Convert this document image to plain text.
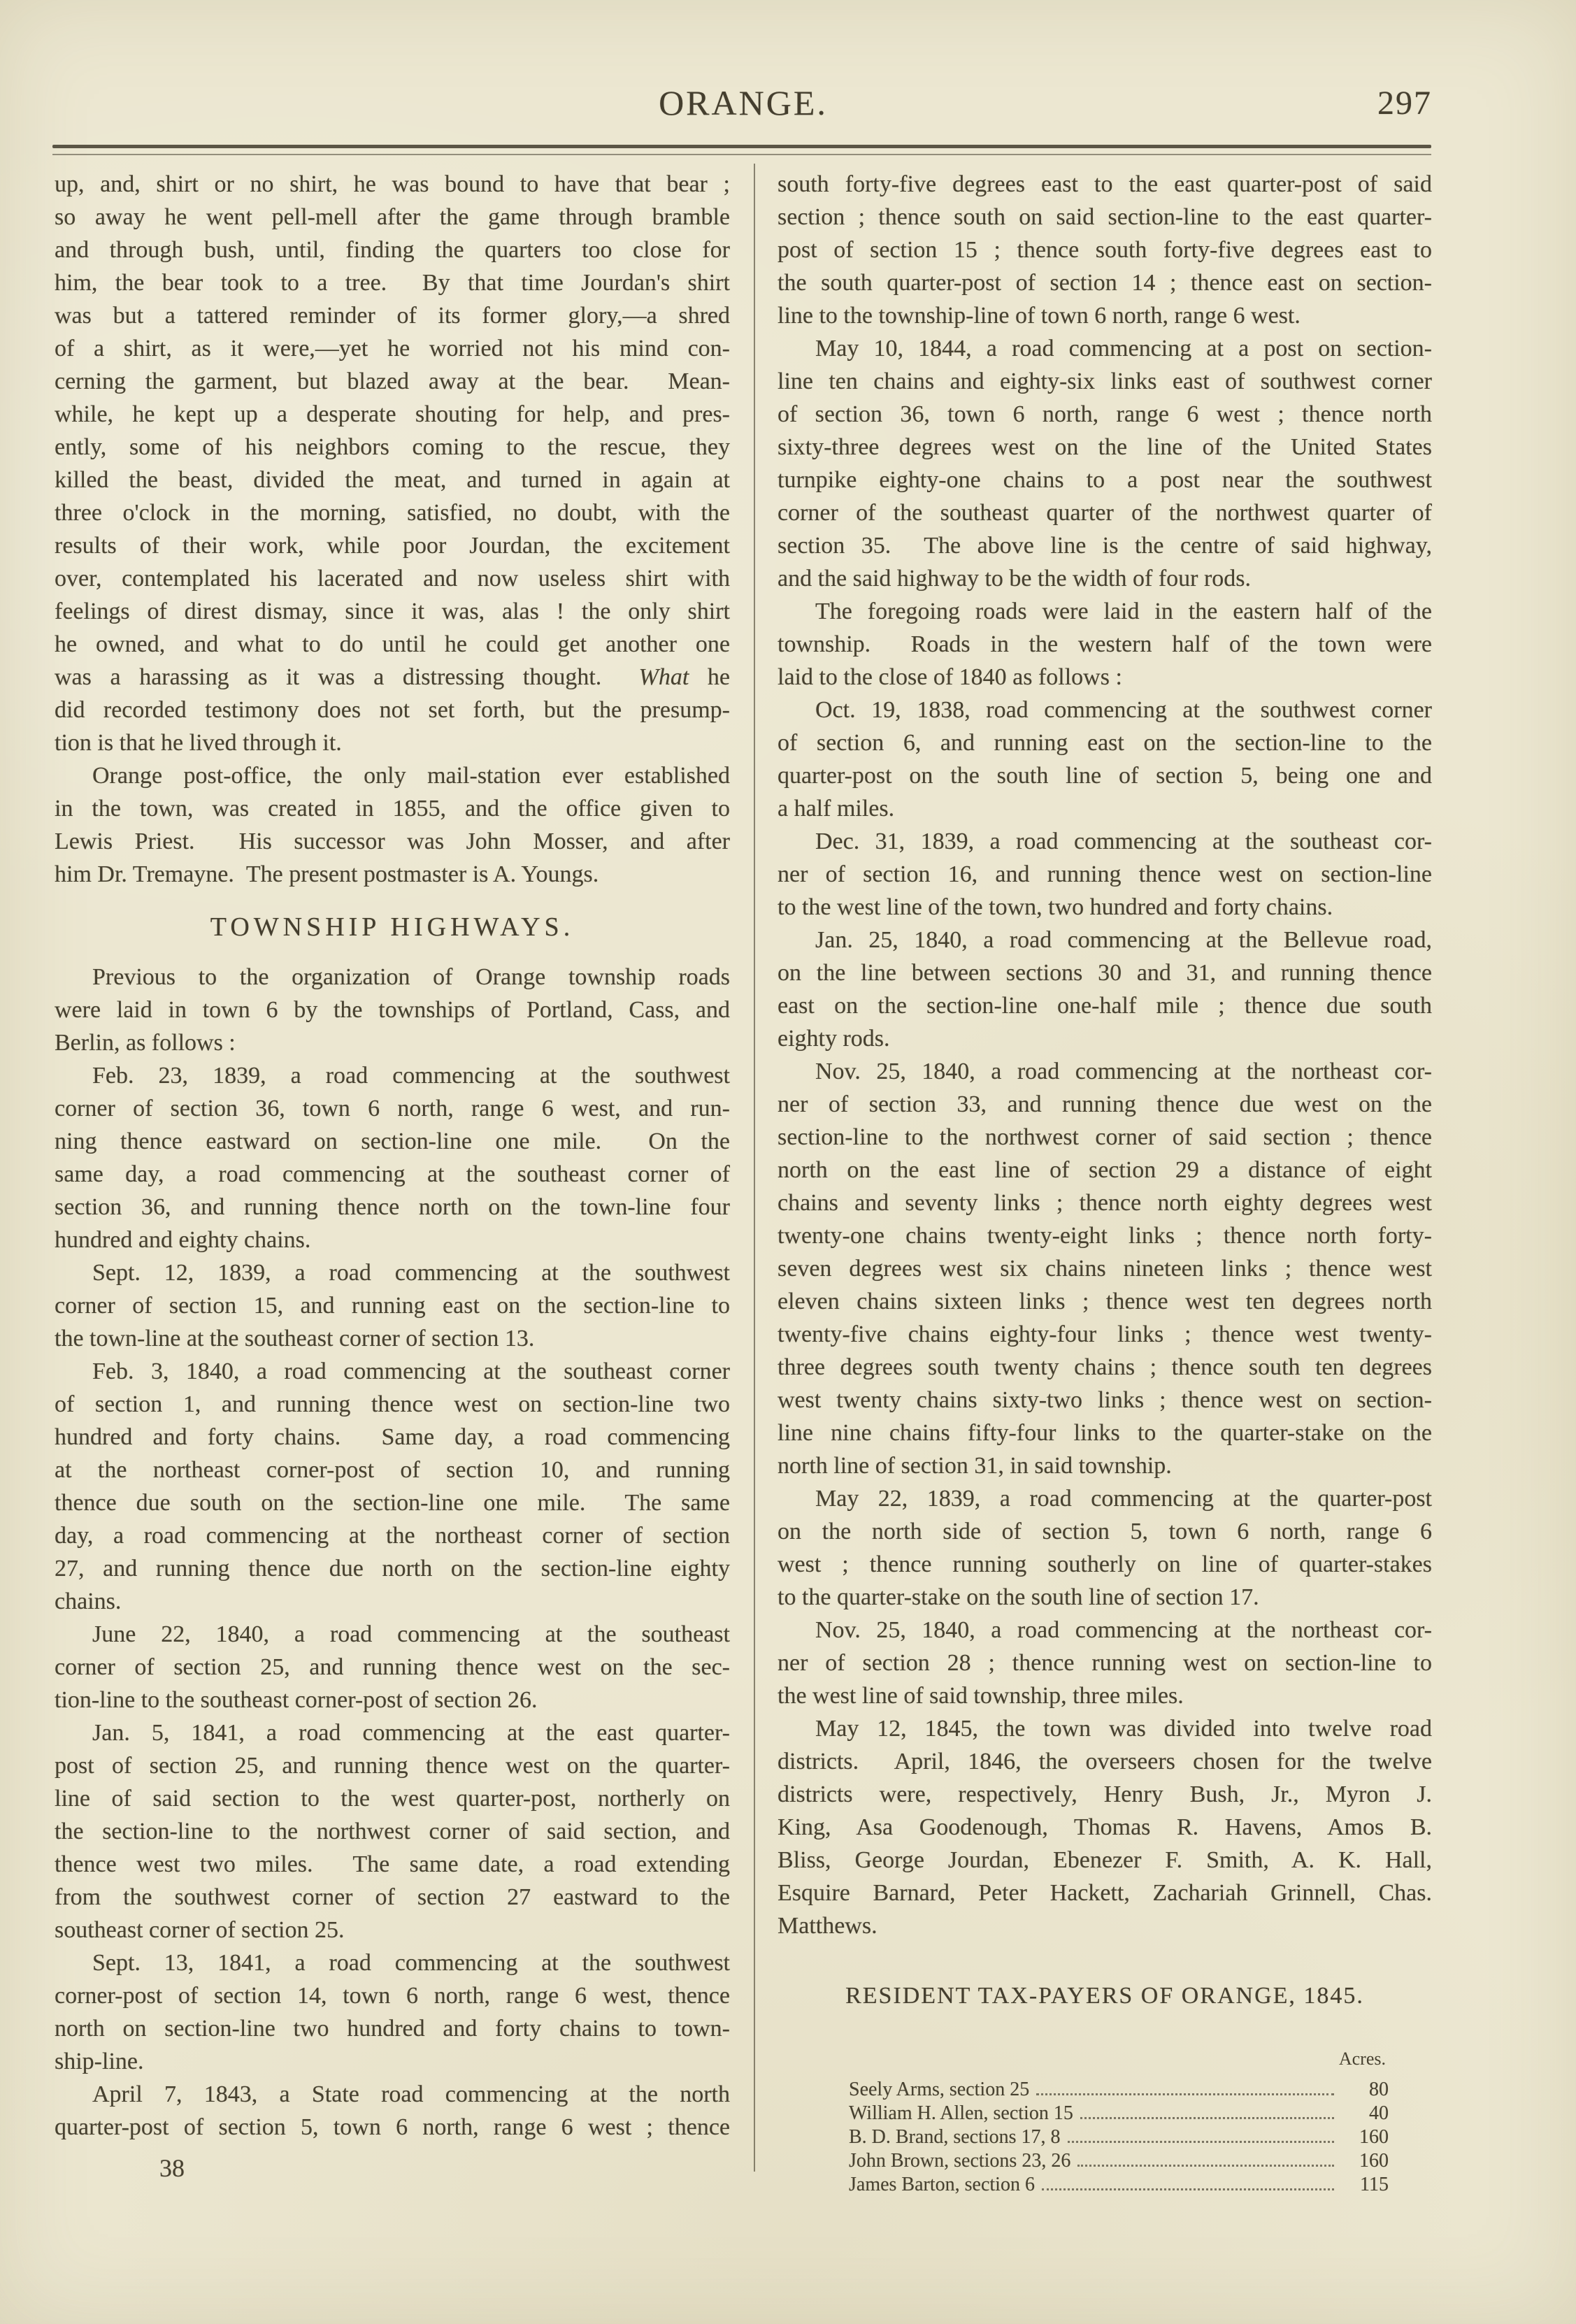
ORANGE.	297
up, and, shirt or no shirt, he was bound to have that bear ;
so away he went pell-mell after the game through bramble
and through bush, until, finding the quarters too close for
him, the bear took to a tree.  By that time Jourdan's shirt
was but a tattered reminder of its former glory,—a shred
of a shirt, as it were,—yet he worried not his mind con-
cerning the garment, but blazed away at the bear.  Mean-
while, he kept up a desperate shouting for help, and pres-
ently, some of his neighbors coming to the rescue, they
killed the beast, divided the meat, and turned in again at
three o'clock in the morning, satisfied, no doubt, with the
results of their work, while poor Jourdan, the excitement
over, contemplated his lacerated and now useless shirt with
feelings of direst dismay, since it was, alas ! the only shirt
he owned, and what to do until he could get another one
was a harassing as it was a distressing thought.  What he
did recorded testimony does not set forth, but the presump-
tion is that he lived through it.
Orange post-office, the only mail-station ever established
in the town, was created in 1855, and the office given to
Lewis Priest.  His successor was John Mosser, and after
him Dr. Tremayne.  The present postmaster is A. Youngs.
TOWNSHIP HIGHWAYS.
Previous to the organization of Orange township roads
were laid in town 6 by the townships of Portland, Cass, and
Berlin, as follows :
Feb. 23, 1839, a road commencing at the southwest
corner of section 36, town 6 north, range 6 west, and run-
ning thence eastward on section-line one mile.  On the
same day, a road commencing at the southeast corner of
section 36, and running thence north on the town-line four
hundred and eighty chains.
Sept. 12, 1839, a road commencing at the southwest
corner of section 15, and running east on the section-line to
the town-line at the southeast corner of section 13.
Feb. 3, 1840, a road commencing at the southeast corner
of section 1, and running thence west on section-line two
hundred and forty chains.  Same day, a road commencing
at the northeast corner-post of section 10, and running
thence due south on the section-line one mile.  The same
day, a road commencing at the northeast corner of section
27, and running thence due north on the section-line eighty
chains.
June 22, 1840, a road commencing at the southeast
corner of section 25, and running thence west on the sec-
tion-line to the southeast corner-post of section 26.
Jan. 5, 1841, a road commencing at the east quarter-
post of section 25, and running thence west on the quarter-
line of said section to the west quarter-post, northerly on
the section-line to the northwest corner of said section, and
thence west two miles.  The same date, a road extending
from the southwest corner of section 27 eastward to the
southeast corner of section 25.
Sept. 13, 1841, a road commencing at the southwest
corner-post of section 14, town 6 north, range 6 west, thence
north on section-line two hundred and forty chains to town-
ship-line.
April 7, 1843, a State road commencing at the north
quarter-post of section 5, town 6 north, range 6 west ; thence
38
south forty-five degrees east to the east quarter-post of said
section ; thence south on said section-line to the east quarter-
post of section 15 ; thence south forty-five degrees east to
the south quarter-post of section 14 ; thence east on section-
line to the township-line of town 6 north, range 6 west.
May 10, 1844, a road commencing at a post on section-
line ten chains and eighty-six links east of southwest corner
of section 36, town 6 north, range 6 west ; thence north
sixty-three degrees west on the line of the United States
turnpike eighty-one chains to a post near the southwest
corner of the southeast quarter of the northwest quarter of
section 35.  The above line is the centre of said highway,
and the said highway to be the width of four rods.
The foregoing roads were laid in the eastern half of the
township.  Roads in the western half of the town were
laid to the close of 1840 as follows :
Oct. 19, 1838, road commencing at the southwest corner
of section 6, and running east on the section-line to the
quarter-post on the south line of section 5, being one and
a half miles.
Dec. 31, 1839, a road commencing at the southeast cor-
ner of section 16, and running thence west on section-line
to the west line of the town, two hundred and forty chains.
Jan. 25, 1840, a road commencing at the Bellevue road,
on the line between sections 30 and 31, and running thence
east on the section-line one-half mile ; thence due south
eighty rods.
Nov. 25, 1840, a road commencing at the northeast cor-
ner of section 33, and running thence due west on the
section-line to the northwest corner of said section ; thence
north on the east line of section 29 a distance of eight
chains and seventy links ; thence north eighty degrees west
twenty-one chains twenty-eight links ; thence north forty-
seven degrees west six chains nineteen links ; thence west
eleven chains sixteen links ; thence west ten degrees north
twenty-five chains eighty-four links ; thence west twenty-
three degrees south twenty chains ; thence south ten degrees
west twenty chains sixty-two links ; thence west on section-
line nine chains fifty-four links to the quarter-stake on the
north line of section 31, in said township.
May 22, 1839, a road commencing at the quarter-post
on the north side of section 5, town 6 north, range 6
west ; thence running southerly on line of quarter-stakes
to the quarter-stake on the south line of section 17.
Nov. 25, 1840, a road commencing at the northeast cor-
ner of section 28 ; thence running west on section-line to
the west line of said township, three miles.
May 12, 1845, the town was divided into twelve road
districts.  April, 1846, the overseers chosen for the twelve
districts were, respectively, Henry Bush, Jr., Myron J.
King, Asa Goodenough, Thomas R. Havens, Amos B.
Bliss, George Jourdan, Ebenezer F. Smith, A. K. Hall,
Esquire Barnard, Peter Hackett, Zachariah Grinnell, Chas.
Matthews.
RESIDENT TAX-PAYERS OF ORANGE, 1845.
Acres.
Seely Arms, section 25	80
William H. Allen, section 15	40
B. D. Brand, sections 17, 8	160
John Brown, sections 23, 26	160
James Barton, section 6	115
